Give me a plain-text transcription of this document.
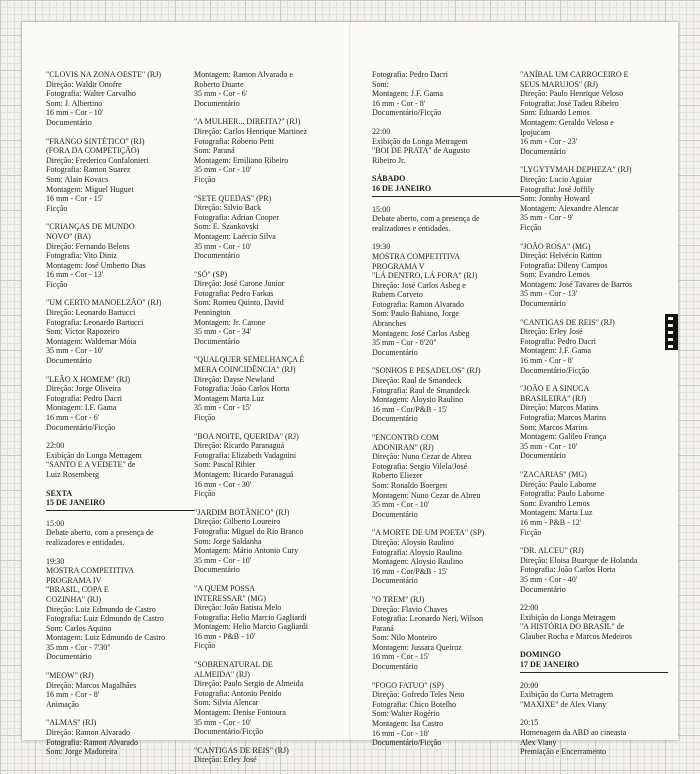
"CLOVIS NA ZONA OESTE" (RJ)
Direção: Waldir Onofre
Fotografia: Walter Carvalho
Som: J. Albertino
16 mm - Cor - 10'
Documentário
"FRANGO SINTÉTICO" (RJ)
(FORA DA COMPETIÇÃO)
Direção: Frederico Confalonieri
Fotografia: Ramon Suarez
Som: Alain Kovacs
Montagem: Miguel Huguet
16 mm - Cor - 15'
Ficção
"CRIANÇAS DE MUNDO
NOVO" (BA)
Direção: Fernando Belens
Fotografia: Vito Diniz
Montagem: José Umberto Dias
16 mm - Cor - 13'
Ficção
"UM CERTO MANOELZÃO" (RJ)
Direção: Leonardo Bartucci
Fotografia: Leonardo Bartucci
Som: Victor Rapozeiro
Montagem: Waldemar Móia
35 mm - Cor - 10'
Documentário
"LEÃO X HOMEM" (RJ)
Direção: Jorge Oliveira
Fotografia: Pedro Dacri
Montagem: I.F. Gama
16 mm - Cor - 6'
Documentário/Ficção
22:00
Exibição do Longa Metragem
"SANTO E A VEDETE" de
Luiz Rosemberg
SEXTA
15 DE JANEIRO
15:00
Debate aberto, com a presença de
realizadores e entidades.
19:30
MOSTRA COMPETITIVA
PROGRAMA IV
"BRASIL, COPA E
COZINHA" (RJ)
Direção: Luiz Edmundo de Castro
Fotografia: Luiz Edmundo de Castro
Som: Carlos Aquino
Montagem: Luiz Edmundo de Castro
35 mm - Cor - 7'30"
Documentário
"MEOW" (RJ)
Direção: Marcos Magalhães
16 mm - Cor - 8'
Animação
"ALMAS" (RJ)
Direção: Ramon Alvarado
Fotografia: Ramon Alvarado
Som: Jorge Madureira
Montagem: Ramon Alvarado e
Roberto Duarte
35 mm - Cor - 6'
Documentário
"A MULHER... DIREITA?" (RJ)
Direção: Carlos Henrique Martinez
Fotografia: Roberto Petti
Som: Paraná
Montagem: Emiliano Ribeiro
35 mm - Cor - 10'
Ficção
"SETE QUEDAS" (PR)
Direção: Silvio Back
Fotografia: Adrian Cooper
Som: E. Szankovski
Montagem: Laércio Silva
35 mm - Cor - 10'
Documentário
"SÓ" (SP)
Direção: José Carone Junior
Fotografia: Pedro Farkas
Som: Romeu Quinto, David
Pennington
Montagem: Jr. Carone
35 mm - Cor - 34'
Documentário
"QUALQUER SEMELHANÇA É
MERA COINCIDÊNCIA" (RJ)
Direção: Dayse Newland
Fotografia: João Carlos Horta
Montagem Marta Luz
35 mm - Cor - 15'
Ficção
"BOA NOITE, QUERIDA" (RJ)
Direção: Ricardo Paranaguá
Fotografia: Elizabeth Vadagnini
Som: Pascal Ribier
Montagem: Ricardo Paranaguá
16 mm - Cor - 30'
Ficção
"JARDIM BOTÂNICO" (RJ)
Direção: Gilberto Loureiro
Fotografia: Miguel do Rio Branco
Som: Jorge Saldanha
Montagem: Mário Antonio Cury
35 mm - Cor - 10'
Documentário
"A QUEM POSSA
INTERESSAR" (MG)
Direção: João Batista Melo
Fotografia: Helio Marcio Gagliardi
Montagem: Helio Marcio Gagliardi
16 mm - P&B - 10'
Ficção
"SOBRENATURAL DE
ALMEIDA" (RJ)
Direção: Paulo Sergio de Almeida
Fotografia: Antonio Penido
Som: Silvia Alencar
Montagem: Denise Fontoura
35 mm - Cor - 10'
Documentário/Ficção
"CANTIGAS DE REIS" (RJ)
Direção: Erley José
Fotografia: Pedro Dacri
Som:
Montagem: J.F. Gama
16 mm - Cor - 8'
Documentário/Ficção
22:00
Exibição do Longa Metragem
"BOI DE PRATA" de Augusto
Ribeiro Jr.
SÁBADO
16 DE JANEIRO
15:00
Debate aberto, com a presença de
realizadores e entidades.
19:30
MOSTRA COMPETITIVA
PROGRAMA V
"LÁ DENTRO, LÁ FORA" (RJ)
Direção: José Carlos Asbeg e
Rubem Corveto
Fotografia: Ramon Alvarado
Som: Paulo Bahiano, Jorge
Abranches
Montagem: José Carlos Asbeg
35 mm - Cor - 8'20"
Documentário
"SONHOS E PESADELOS" (RJ)
Direção: Raul de Smandeck
Fotografia: Raul de Smandeck
Montagem: Aloysio Raulino
16 mm - Cor/P&B - 15'
Documentário
"ENCONTRO COM
ADONIRAN" (RJ)
Direção: Nuno Cezar de Abreu
Fotografia: Sergio Vilela/José
Roberto Eliezer
Som: Ronaldo Boergen
Montagem: Nuno Cezar de Abreu
35 mm - Cor - 10'
Documentário
"A MORTE DE UM POETA" (SP)
Direção: Aloysio Raulino
Fotografia: Aloysio Raulino
Montagem: Aloysio Raulino
16 mm - Cor/P&B - 15'
Documentário
"O TREM" (RJ)
Direção: Flavio Chaves
Fotografia: Leonardo Neri, Wilson
Paraná
Som: Nilo Monteiro
Montagem: Jussara Queiroz
16 mm - Cor - 15'
Documentário
"FOGO FATUO" (SP)
Direção: Gofredo Teles Neto
Fotografia: Chico Botelho
Som: Walter Rogério
Montagem: Isa Castro
16 mm - Cor - 18'
Documentário/Ficção
"ANÍBAL UM CARROCEIRO E
SEUS MARUJOS" (RJ)
Direção: Paulo Henrique Veloso
Fotografia: José Tadeu Ribeiro
Som: Eduardo Lemos
Montagem: Geraldo Veloso e
Ipojucam
16 mm - Cor - 23'
Documentário
"LYGYTYMAH DEPHEZA" (RJ)
Direção: Lucio Aguiar
Fotografia: José Joffily
Som: Jonnhy Howard
Montagem: Alexandre Alencar
35 mm - Cor - 9'
Ficção
"JOÃO ROSA" (MG)
Direção: Helvécio Ratton
Fotografia: Dileny Campos
Som: Evandro Lemos
Montagem: José Tavares de Barros
35 mm - Cor - 13'
Documentário
"CANTIGAS DE REIS" (RJ)
Direção: Erley José
Fotografia: Pedro Dacri
Montagem: J.F. Gama
16 mm - Cor - 8'
Documentário/Ficção
"JOÃO E A SINUCA
BRASILEIRA" (RJ)
Direção: Marcos Marins
Fotografia: Marcos Marins
Som: Marcos Marins
Montagem: Galileo França
35 mm - Cor - 10'
Documentário
"ZACARIAS" (MG)
Direção: Paulo Laborne
Fotografia: Paulo Laborne
Som: Evandro Lemos
Montagem: Marta Luz
16 mm - P&B - 12'
Ficção
"DR. ALCEU" (RJ)
Direção: Eloisa Buarque de Holanda
Fotografia: João Carlos Horta
35 mm - Cor - 40'
Documentário
22:00
Exibição do Longa Metragem
"A HISTÓRIA DO BRASIL" de
Glauber Rocha e Marcos Medeiros
DOMINGO
17 DE JANEIRO
20:00
Exibição do Curta Metragem
"MAXIXE" de Alex Viany
20:15
Homenagem da ABD ao cineasta
Alex Viany
Premiação e Encerramento
